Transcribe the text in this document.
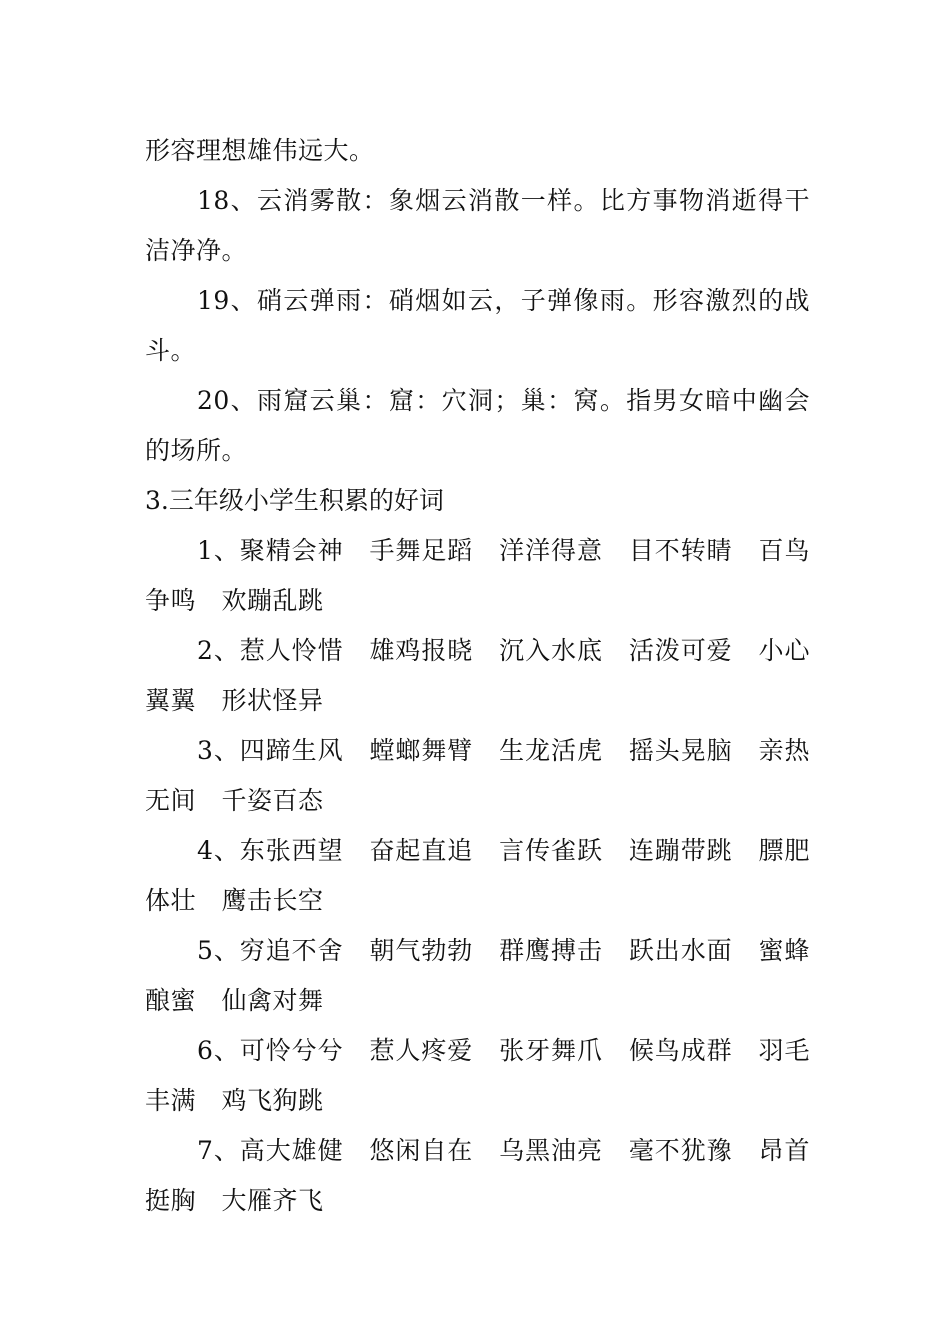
形容理想雄伟远大。
18、云消雾散：象烟云消散一样。比方事物消逝得干
洁净净。
19、硝云弹雨：硝烟如云，子弹像雨。形容激烈的战
斗。
20、雨窟云巢：窟：穴洞；巢：窝。指男女暗中幽会
的场所。
3.三年级小学生积累的好词
1、聚精会神　手舞足蹈　洋洋得意　目不转睛　百鸟
争鸣　欢蹦乱跳
2、惹人怜惜　雄鸡报晓　沉入水底　活泼可爱　小心
翼翼　形状怪异
3、四蹄生风　螳螂舞臂　生龙活虎　摇头晃脑　亲热
无间　千姿百态
4、东张西望　奋起直追　言传雀跃　连蹦带跳　膘肥
体壮　鹰击长空
5、穷追不舍　朝气勃勃　群鹰搏击　跃出水面　蜜蜂
酿蜜　仙禽对舞
6、可怜兮兮　惹人疼爱　张牙舞爪　候鸟成群　羽毛
丰满　鸡飞狗跳
7、高大雄健　悠闲自在　乌黑油亮　毫不犹豫　昂首
挺胸　大雁齐飞
